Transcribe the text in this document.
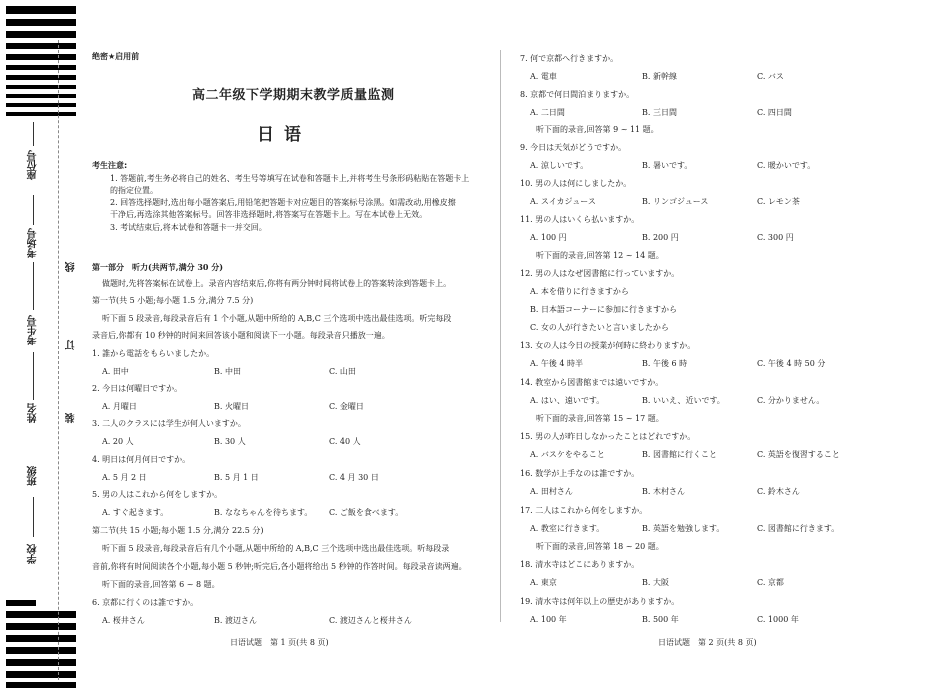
座位号
考场号
考生号
姓名
班级
学校
线
订
装
绝密★启用前
高二年级下学期期末教学质量监测
日语
考生注意:
1. 答题前,考生务必将自己的姓名、考生号等填写在试卷和答题卡上,并将考生号条形码粘贴在答题卡上
的指定位置。
2. 回答选择题时,选出每小题答案后,用铅笔把答题卡对应题目的答案标号涂黑。如需改动,用橡皮擦
干净后,再选涂其他答案标号。回答非选择题时,将答案写在答题卡上。写在本试卷上无效。
3. 考试结束后,将本试卷和答题卡一并交回。
第一部分　听力(共两节,满分 30 分)
做题时,先将答案标在试卷上。录音内容结束后,你将有两分钟时间将试卷上的答案转涂到答题卡上。
第一节(共 5 小题;每小题 1.5 分,满分 7.5 分)
听下面 5 段录音,每段录音后有 1 个小题,从题中所给的 A,B,C 三个选项中选出最佳选项。听完每段
录音后,你都有 10 秒钟的时间来回答该小题和阅读下一小题。每段录音只播放一遍。
1. 誰から電話をもらいましたか。
A. 田中	B. 中田	C. 山田
2. 今日は何曜日ですか。
A. 月曜日	B. 火曜日	C. 金曜日
3. 二人のクラスには学生が何人いますか。
A. 20 人	B. 30 人	C. 40 人
4. 明日は何月何日ですか。
A. 5 月 2 日	B. 5 月 1 日	C. 4 月 30 日
5. 男の人はこれから何をしますか。
A. すぐ起きます。	B. ななちゃんを待ちます。 C. ご飯を食べます。
第二节(共 15 小题;每小题 1.5 分,满分 22.5 分)
听下面 5 段录音,每段录音后有几个小题,从题中所给的 A,B,C 三个选项中选出最佳选项。听每段录
音前,你将有时间阅读各个小题,每小题 5 秒钟;听完后,各小题将给出 5 秒钟的作答时间。每段录音读两遍。
听下面的录音,回答第 6 ~ 8 题。
6. 京都に行くのは誰ですか。
A. 桜井さん	B. 渡辺さん	C. 渡辺さんと桜井さん
日语试题　第 1 页(共 8 页)
7. 何で京都へ行きますか。
A. 電車	B. 新幹線	C. バス
8. 京都で何日間泊まりますか。
A. 二日間	B. 三日間	C. 四日間
听下面的录音,回答第 9 ~ 11 题。
9. 今日は天気がどうですか。
A. 涼しいです。	B. 暑いです。	C. 暖かいです。
10. 男の人は何にしましたか。
A. スイカジュース	B. リンゴジュース	C. レモン茶
11. 男の人はいくら払いますか。
A. 100 円	B. 200 円	C. 300 円
听下面的录音,回答第 12 ~ 14 题。
12. 男の人はなぜ図書館に行っていますか。
A. 本を借りに行きますから
B. 日本語コーナーに参加に行きますから
C. 女の人が行きたいと言いましたから
13. 女の人は今日の授業が何時に終わりますか。
A. 午後 4 時半	B. 午後 6 時	C. 午後 4 時 50 分
14. 教室から図書館までは遠いですか。
A. はい、遠いです。	B. いいえ、近いです。	C. 分かりません。
听下面的录音,回答第 15 ~ 17 题。
15. 男の人が昨日しなかったことはどれですか。
A. バスケをやること	B. 図書館に行くこと	C. 英語を復習すること
16. 数学が上手なのは誰ですか。
A. 田村さん	B. 木村さん	C. 鈴木さん
17. 二人はこれから何をしますか。
A. 教室に行きます。	B. 英語を勉強します。	C. 図書館に行きます。
听下面的录音,回答第 18 ~ 20 题。
18. 清水寺はどこにありますか。
A. 東京	B. 大阪	C. 京都
19. 清水寺は何年以上の歴史がありますか。
A. 100 年	B. 500 年	C. 1000 年
日语试题　第 2 页(共 8 页)
